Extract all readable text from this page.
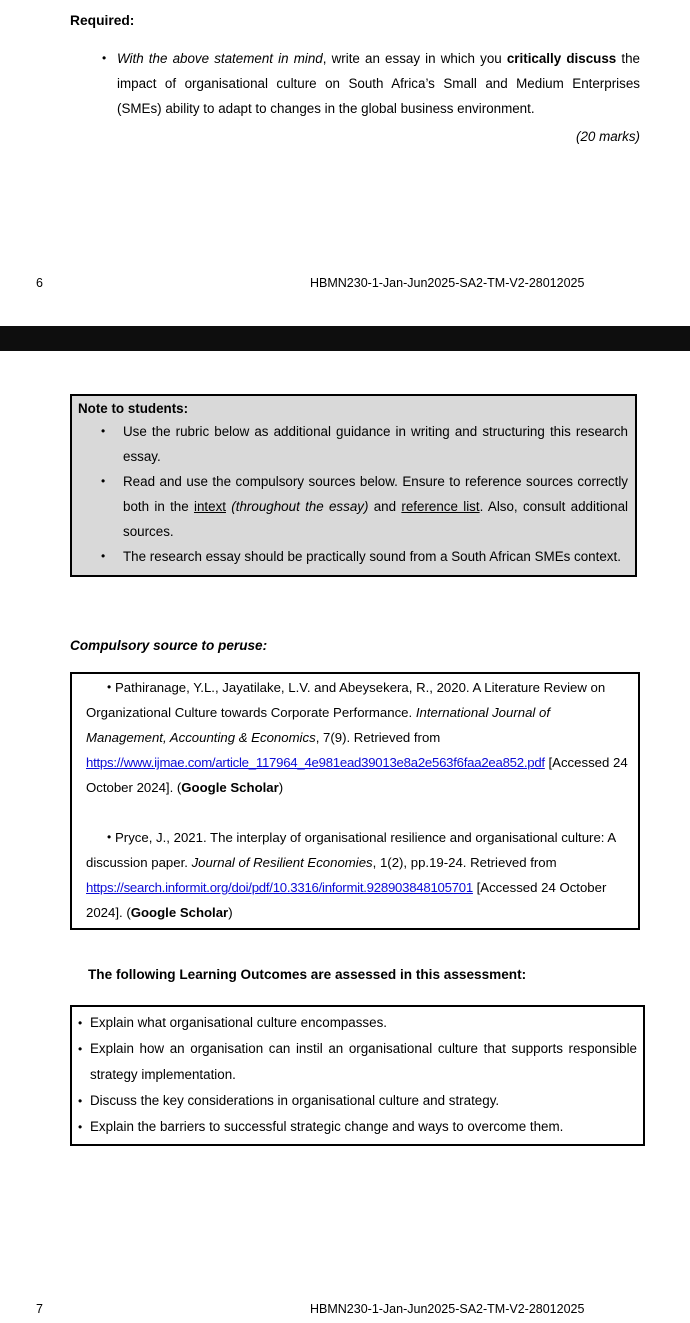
Required:
• With the above statement in mind, write an essay in which you critically discuss the impact of organisational culture on South Africa’s Small and Medium Enterprises (SMEs) ability to adapt to changes in the global business environment.
(20 marks)
6	HBMN230-1-Jan-Jun2025-SA2-TM-V2-28012025
Note to students:
• Use the rubric below as additional guidance in writing and structuring this research essay.
• Read and use the compulsory sources below. Ensure to reference sources correctly both in the intext (throughout the essay) and reference list. Also, consult additional sources.
• The research essay should be practically sound from a South African SMEs context.
Compulsory source to peruse:
• Pathiranage, Y.L., Jayatilake, L.V. and Abeysekera, R., 2020. A Literature Review on Organizational Culture towards Corporate Performance. International Journal of Management, Accounting & Economics, 7(9). Retrieved from https://www.ijmae.com/article_117964_4e981ead39013e8a2e563f6faa2ea852.pdf [Accessed 24 October 2024]. (Google Scholar)
• Pryce, J., 2021. The interplay of organisational resilience and organisational culture: A discussion paper. Journal of Resilient Economies, 1(2), pp.19-24. Retrieved from https://search.informit.org/doi/pdf/10.3316/informit.928903848105701 [Accessed 24 October 2024]. (Google Scholar)
The following Learning Outcomes are assessed in this assessment:
• Explain what organisational culture encompasses.
• Explain how an organisation can instil an organisational culture that supports responsible strategy implementation.
• Discuss the key considerations in organisational culture and strategy.
• Explain the barriers to successful strategic change and ways to overcome them.
7	HBMN230-1-Jan-Jun2025-SA2-TM-V2-28012025
